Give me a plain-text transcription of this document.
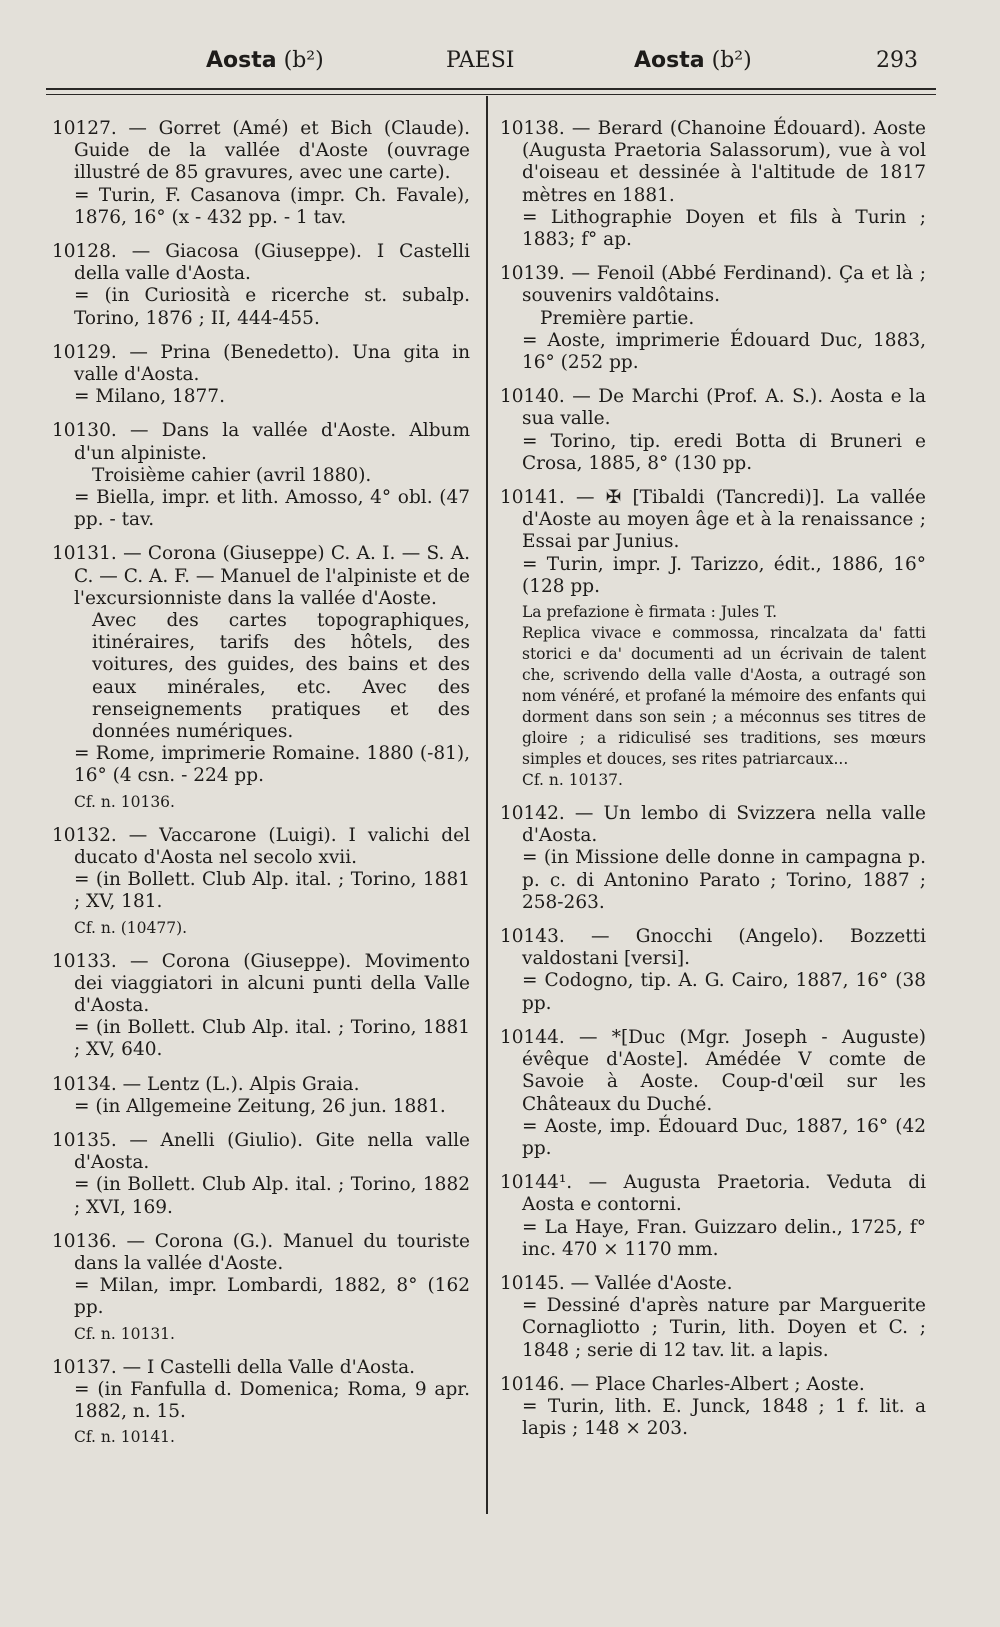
Aosta (b²)	PAESI	Aosta (b²)	293

10127. — Gorret (Amé) et Bich (Claude). Guide de la vallée d'Aoste (ouvrage illustré de 85 gravures, avec une carte).

= Turin, F. Casanova (impr. Ch. Favale), 1876, 16° (x - 432 pp. - 1 tav.

10128. — Giacosa (Giuseppe). I Castelli della valle d'Aosta.

= (in Curiosità e ricerche st. subalp. Torino, 1876 ; II, 444-455.

10129. — Prina (Benedetto). Una gita in valle d'Aosta.

= Milano, 1877.

10130. — Dans la vallée d'Aoste. Album d'un alpiniste.

Troisième cahier (avril 1880).

= Biella, impr. et lith. Amosso, 4° obl. (47 pp. - tav.

10131. — Corona (Giuseppe) C. A. I. — S. A. C. — C. A. F. — Manuel de l'alpiniste et de l'excursionniste dans la vallée d'Aoste.

Avec des cartes topographiques, itinéraires, tarifs des hôtels, des voitures, des guides, des bains et des eaux minérales, etc. Avec des renseignements pratiques et des données numériques.

= Rome, imprimerie Romaine. 1880 (-81), 16° (4 csn. - 224 pp.

Cf. n. 10136.

10132. — Vaccarone (Luigi). I valichi del ducato d'Aosta nel secolo xvii.

= (in Bollett. Club Alp. ital. ; Torino, 1881 ; XV, 181.

Cf. n. (10477).

10133. — Corona (Giuseppe). Movimento dei viaggiatori in alcuni punti della Valle d'Aosta.

= (in Bollett. Club Alp. ital. ; Torino, 1881 ; XV, 640.

10134. — Lentz (L.). Alpis Graia.

= (in Allgemeine Zeitung, 26 jun. 1881.

10135. — Anelli (Giulio). Gite nella valle d'Aosta.

= (in Bollett. Club Alp. ital. ; Torino, 1882 ; XVI, 169.

10136. — Corona (G.). Manuel du touriste dans la vallée d'Aoste.

= Milan, impr. Lombardi, 1882, 8° (162 pp.

Cf. n. 10131.

10137. — I Castelli della Valle d'Aosta.

= (in Fanfulla d. Domenica; Roma, 9 apr. 1882, n. 15.

Cf. n. 10141.

10138. — Berard (Chanoine Édouard). Aoste (Augusta Praetoria Salassorum), vue à vol d'oiseau et dessinée à l'altitude de 1817 mètres en 1881.

= Lithographie Doyen et fils à Turin ; 1883; f° ap.

10139. — Fenoil (Abbé Ferdinand). Ça et là ; souvenirs valdôtains.

Première partie.

= Aoste, imprimerie Édouard Duc, 1883, 16° (252 pp.

10140. — De Marchi (Prof. A. S.). Aosta e la sua valle.

= Torino, tip. eredi Botta di Bruneri e Crosa, 1885, 8° (130 pp.

10141. — ✠ [Tibaldi (Tancredi)]. La vallée d'Aoste au moyen âge et à la renaissance ; Essai par Junius.

= Turin, impr. J. Tarizzo, édit., 1886, 16° (128 pp.

La prefazione è firmata : Jules T.
Replica vivace e commossa, rincalzata da' fatti storici e da' documenti ad un écrivain de talent che, scrivendo della valle d'Aosta, a outragé son nom vénéré, et profané la mémoire des enfants qui dorment dans son sein ; a méconnus ses titres de gloire ; a ridiculisé ses traditions, ses mœurs simples et douces, ses rites patriarcaux...
Cf. n. 10137.

10142. — Un lembo di Svizzera nella valle d'Aosta.

= (in Missione delle donne in campagna p. p. c. di Antonino Parato ; Torino, 1887 ; 258-263.

10143. — Gnocchi (Angelo). Bozzetti valdostani [versi].

= Codogno, tip. A. G. Cairo, 1887, 16° (38 pp.

10144. — *[Duc (Mgr. Joseph - Auguste) évêque d'Aoste]. Amédée V comte de Savoie à Aoste. Coup-d'œil sur les Châteaux du Duché.

= Aoste, imp. Édouard Duc, 1887, 16° (42 pp.

10144¹. — Augusta Praetoria. Veduta di Aosta e contorni.

= La Haye, Fran. Guizzaro delin., 1725, f° inc. 470 × 1170 mm.

10145. — Vallée d'Aoste.

= Dessiné d'après nature par Marguerite Cornagliotto ; Turin, lith. Doyen et C. ; 1848 ; serie di 12 tav. lit. a lapis.

10146. — Place Charles-Albert ; Aoste.

= Turin, lith. E. Junck, 1848 ; 1 f. lit. a lapis ; 148 × 203.
